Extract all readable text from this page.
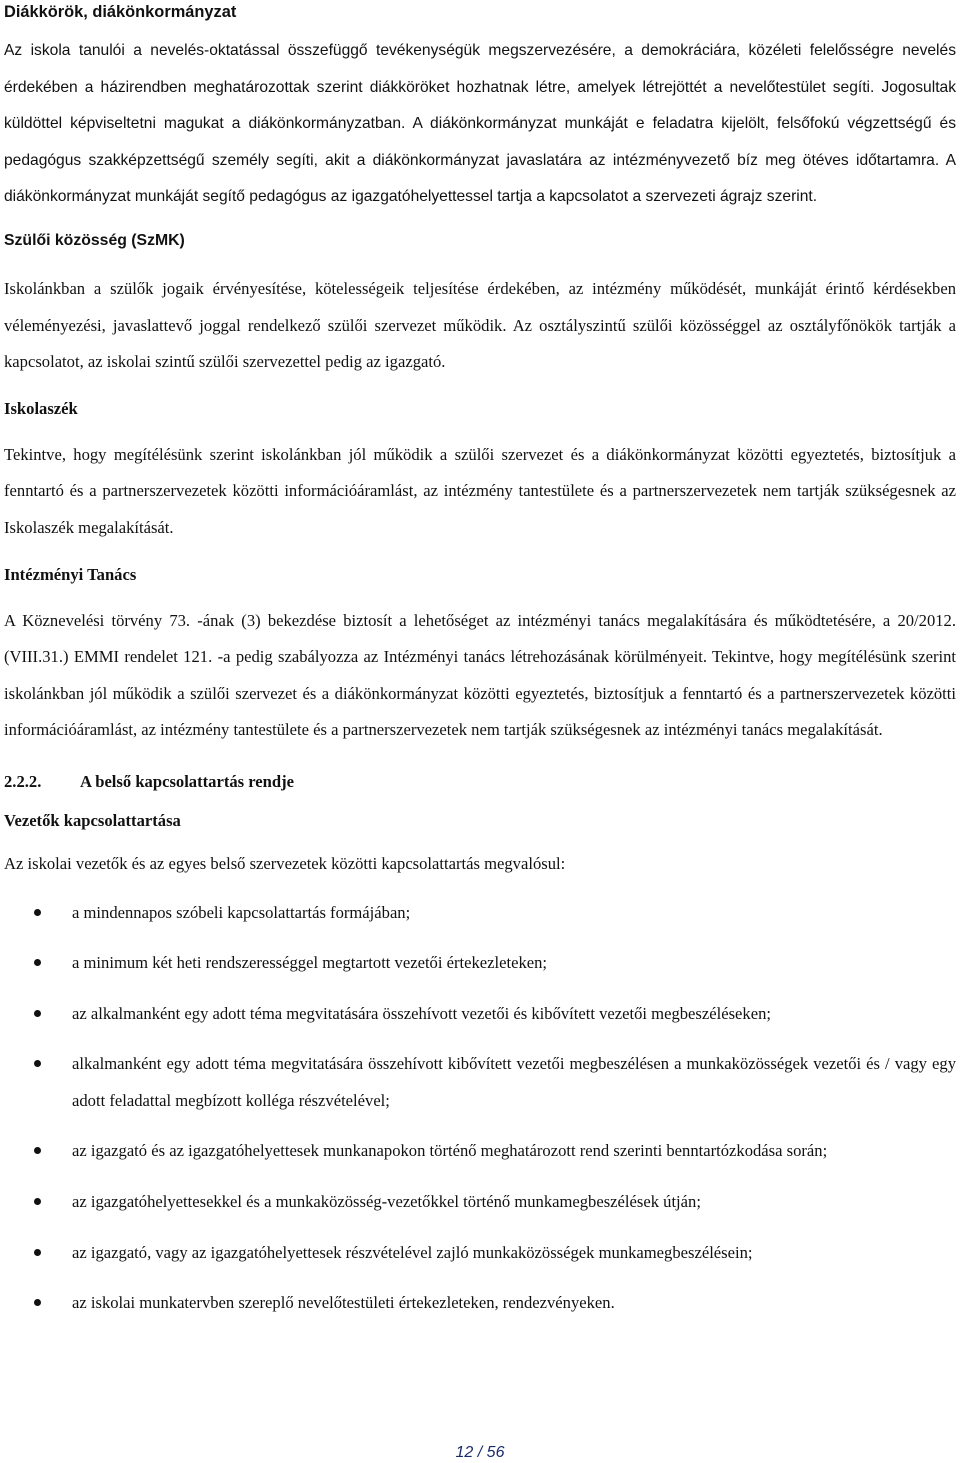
Diákkörök, diákönkormányzat

Az iskola tanulói a nevelés-oktatással összefüggő tevékenységük megszervezésére, a demokráciára, közéleti felelősségre nevelés érdekében a házirendben meghatározottak szerint diákköröket hozhatnak létre, amelyek létrejöttét a nevelőtestület segíti. Jogosultak küldöttel képviseltetni magukat a diákönkormányzatban. A diákönkormányzat munkáját e feladatra kijelölt, felsőfokú végzettségű és pedagógus szakképzettségű személy segíti, akit a diákönkormányzat javaslatára az intézményvezető bíz meg ötéves időtartamra. A diákönkormányzat munkáját segítő pedagógus az igazgatóhelyettessel tartja a kapcsolatot a szervezeti ágrajz szerint.

Szülői közösség (SzMK)

Iskolánkban a szülők jogaik érvényesítése, kötelességeik teljesítése érdekében, az intézmény működését, munkáját érintő kérdésekben véleményezési, javaslattevő joggal rendelkező szülői szervezet működik. Az osztályszintű szülői közösséggel az osztályfőnökök tartják a kapcsolatot, az iskolai szintű szülői szervezettel pedig az igazgató.

Iskolaszék

Tekintve, hogy megítélésünk szerint iskolánkban jól működik a szülői szervezet és a diákönkormányzat közötti egyeztetés, biztosítjuk a fenntartó és a partnerszervezetek közötti információáramlást, az intézmény tantestülete és a partnerszervezetek nem tartják szükségesnek az Iskolaszék megalakítását.

Intézményi Tanács

A Köznevelési törvény 73. -ának (3) bekezdése biztosít a lehetőséget az intézményi tanács megalakítására és működtetésére, a 20/2012. (VIII.31.) EMMI rendelet 121. -a pedig szabályozza az Intézményi tanács létrehozásának körülményeit. Tekintve, hogy megítélésünk szerint iskolánkban jól működik a szülői szervezet és a diákönkormányzat közötti egyeztetés, biztosítjuk a fenntartó és a partnerszervezetek közötti információáramlást, az intézmény tantestülete és a partnerszervezetek nem tartják szükségesnek az intézményi tanács megalakítását.

2.2.2.	A belső kapcsolattartás rendje
Vezetők kapcsolattartása

Az iskolai vezetők és az egyes belső szervezetek közötti kapcsolattartás megvalósul:

a mindennapos szóbeli kapcsolattartás formájában;
a minimum két heti rendszerességgel megtartott vezetői értekezleteken;
az alkalmanként egy adott téma megvitatására összehívott vezetői és kibővített vezetői megbeszéléseken;
alkalmanként egy adott téma megvitatására összehívott kibővített vezetői megbeszélésen a munkaközösségek vezetői és / vagy egy adott feladattal megbízott kolléga részvételével;
az igazgató és az igazgatóhelyettesek munkanapokon történő meghatározott rend szerinti benntartózkodása során;
az igazgatóhelyettesekkel és a munkaközösség-vezetőkkel történő munkamegbeszélések útján;
az igazgató, vagy az igazgatóhelyettesek részvételével zajló munkaközösségek munkamegbeszélésein;
az iskolai munkatervben szereplő nevelőtestületi értekezleteken, rendezvényeken.
12 / 56
